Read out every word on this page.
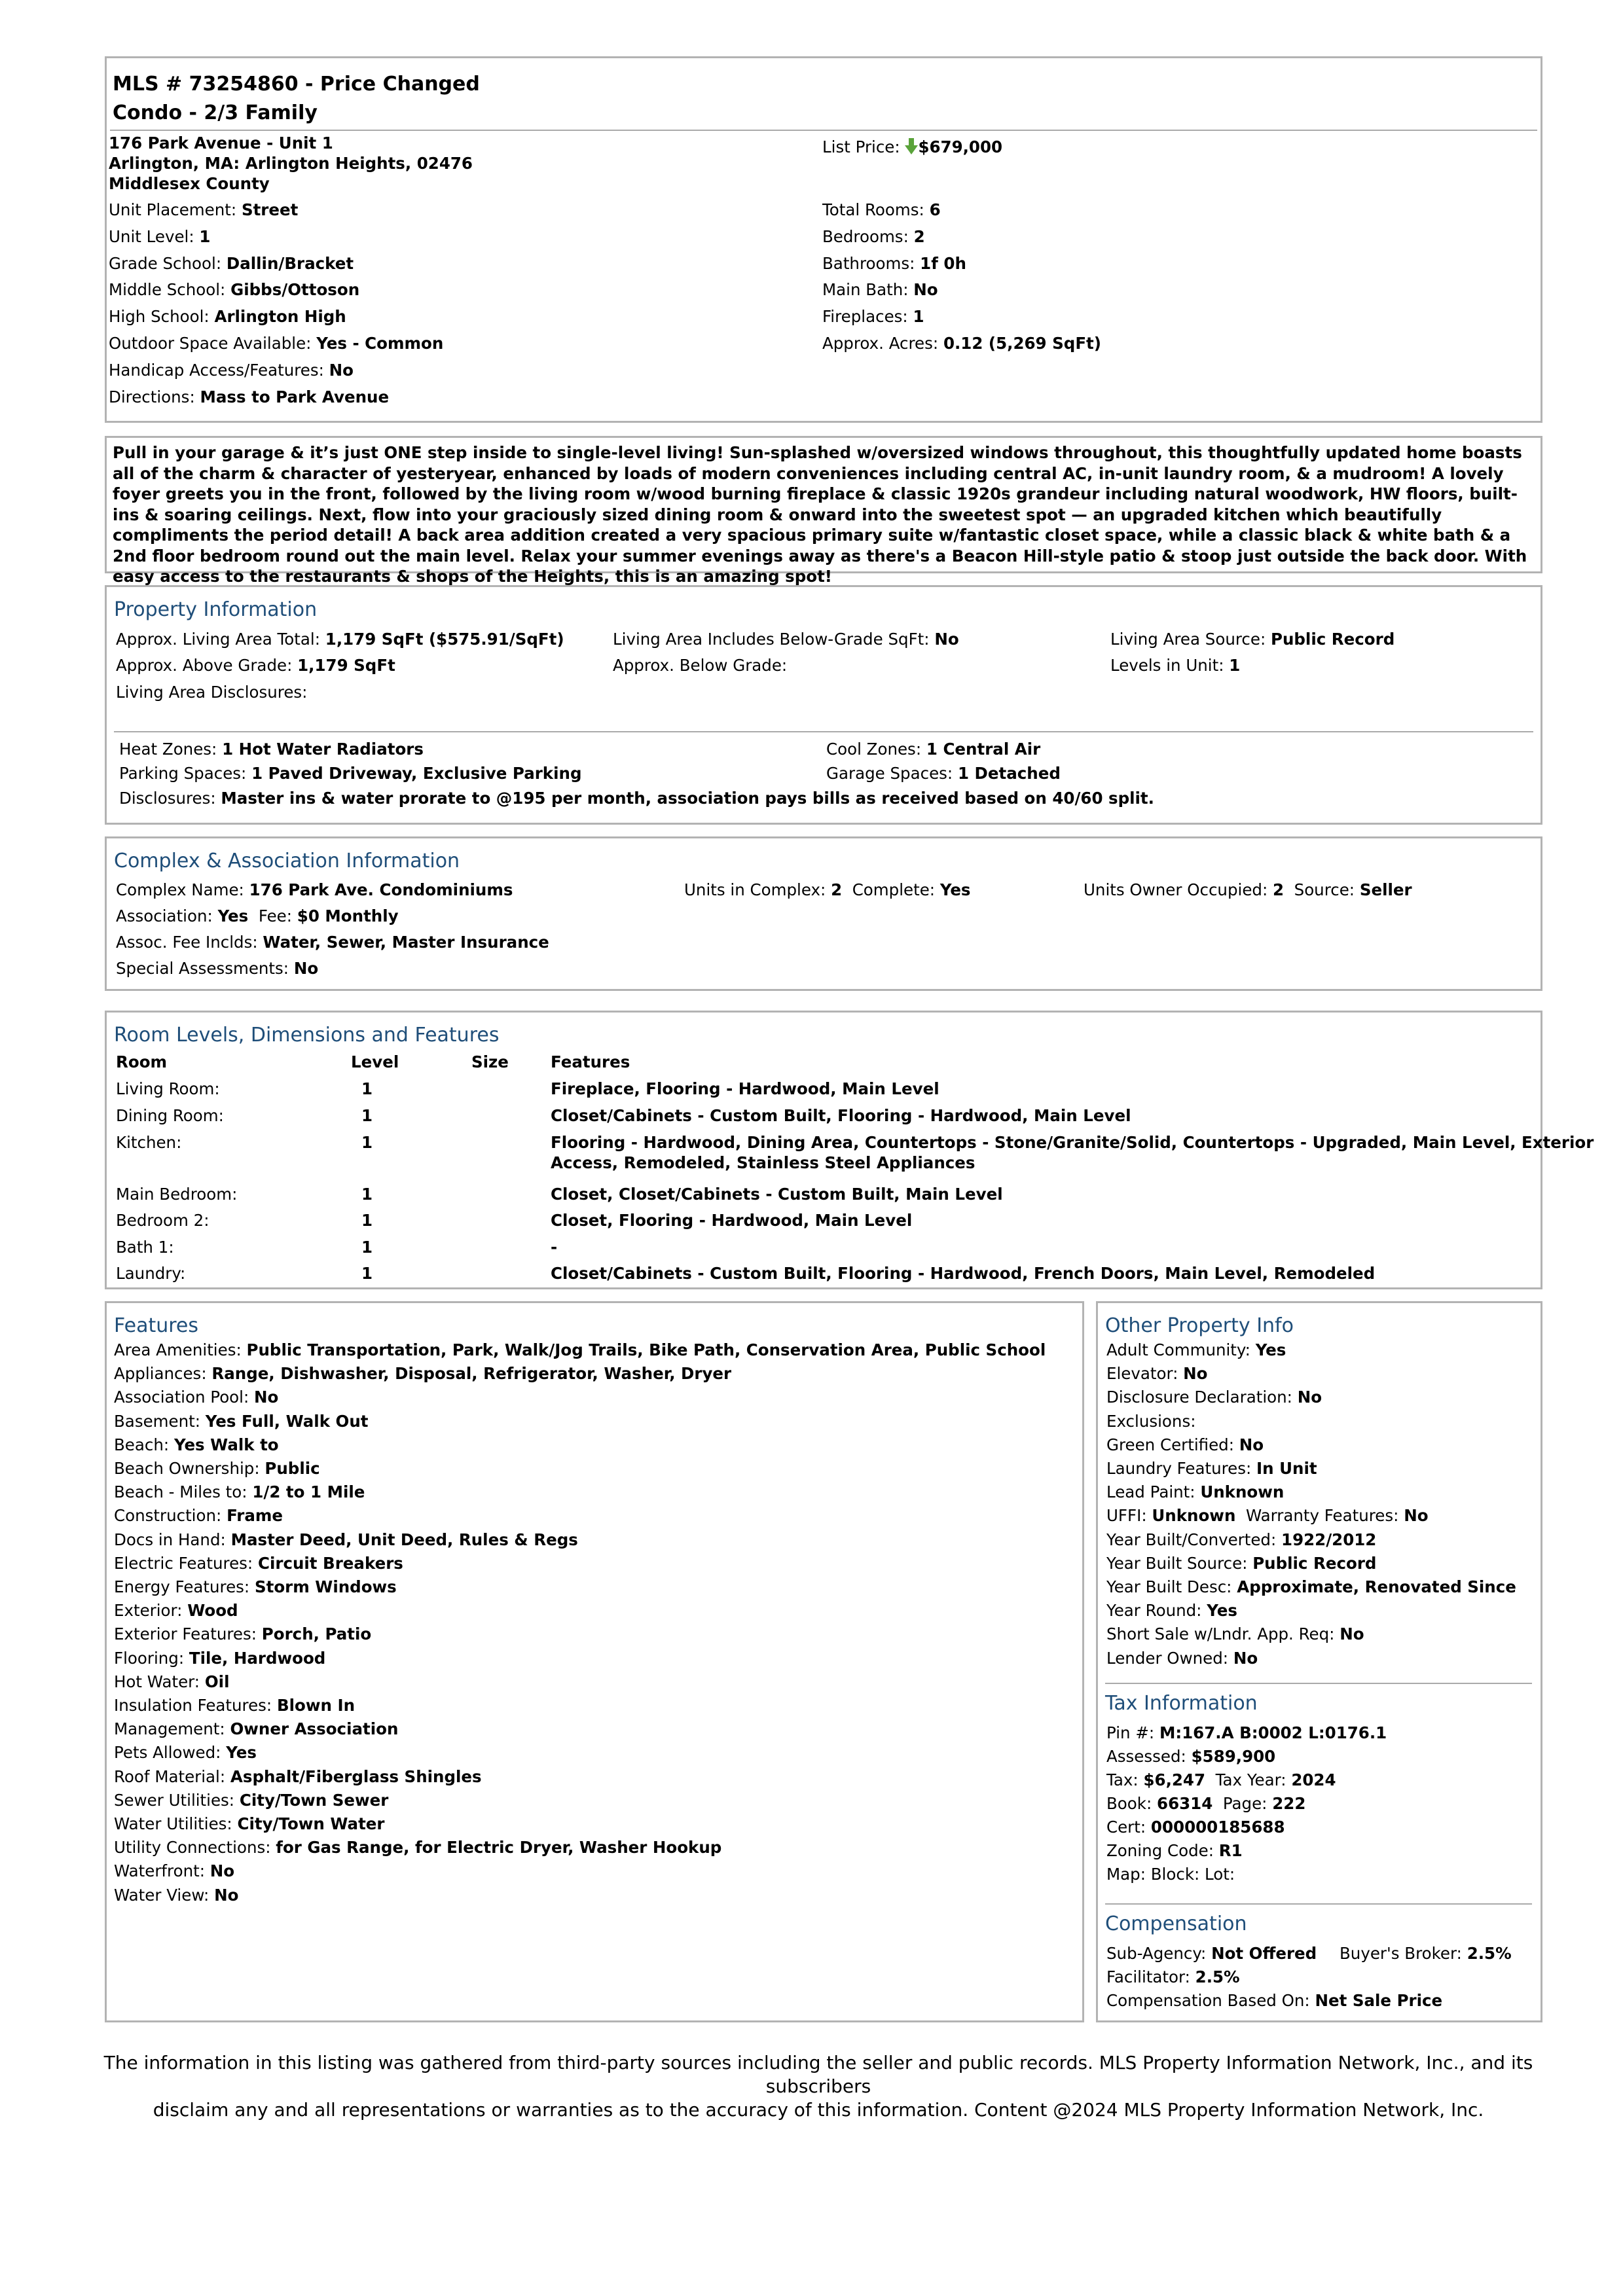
MLS # 73254860 - Price Changed
Condo - 2/3 Family
176 Park Avenue - Unit 1
Arlington, MA: Arlington Heights, 02476
Middlesex County
List Price: $679,000
Unit Placement: Street
Unit Level: 1
Grade School: Dallin/Bracket
Middle School: Gibbs/Ottoson
High School: Arlington High
Outdoor Space Available: Yes - Common
Handicap Access/Features: No
Directions: Mass to Park Avenue
Total Rooms: 6
Bedrooms: 2
Bathrooms: 1f 0h
Main Bath: No
Fireplaces: 1
Approx. Acres: 0.12 (5,269 SqFt)
Pull in your garage & it’s just ONE step inside to single-level living! Sun-splashed w/oversized windows throughout, this thoughtfully updated home boasts all of the charm & character of yesteryear, enhanced by loads of modern conveniences including central AC, in-unit laundry room, & a mudroom! A lovely foyer greets you in the front, followed by the living room w/wood burning fireplace & classic 1920s grandeur including natural woodwork, HW floors, built-ins & soaring ceilings. Next, flow into your graciously sized dining room & onward into the sweetest spot — an upgraded kitchen which beautifully compliments the period detail! A back area addition created a very spacious primary suite w/fantastic closet space, while a classic black & white bath & a 2nd floor bedroom round out the main level. Relax your summer evenings away as there's a Beacon Hill-style patio & stoop just outside the back door. With easy access to the restaurants & shops of the Heights, this is an amazing spot!
Property Information
Approx. Living Area Total: 1,179 SqFt ($575.91/SqFt)	Living Area Includes Below-Grade SqFt: No	Living Area Source: Public Record
Approx. Above Grade: 1,179 SqFt	Approx. Below Grade:	Levels in Unit: 1
Living Area Disclosures:
Heat Zones: 1 Hot Water Radiators	Cool Zones: 1 Central Air
Parking Spaces: 1 Paved Driveway, Exclusive Parking	Garage Spaces: 1 Detached
Disclosures: Master ins & water prorate to @195 per month, association pays bills as received based on 40/60 split.
Complex & Association Information
Complex Name: 176 Park Ave. Condominiums	Units in Complex: 2 Complete: Yes	Units Owner Occupied: 2 Source: Seller
Association: Yes Fee: $0 Monthly
Assoc. Fee Inclds: Water, Sewer, Master Insurance
Special Assessments: No
Room Levels, Dimensions and Features
Room	Level	Size	Features
Living Room:	1	Fireplace, Flooring - Hardwood, Main Level
Dining Room:	1	Closet/Cabinets - Custom Built, Flooring - Hardwood, Main Level
Kitchen:	1	Flooring - Hardwood, Dining Area, Countertops - Stone/Granite/Solid, Countertops - Upgraded, Main Level, Exterior
Access, Remodeled, Stainless Steel Appliances
Main Bedroom:	1	Closet, Closet/Cabinets - Custom Built, Main Level
Bedroom 2:	1	Closet, Flooring - Hardwood, Main Level
Bath 1:	1	-
Laundry:	1	Closet/Cabinets - Custom Built, Flooring - Hardwood, French Doors, Main Level, Remodeled
Features
Area Amenities: Public Transportation, Park, Walk/Jog Trails, Bike Path, Conservation Area, Public School
Appliances: Range, Dishwasher, Disposal, Refrigerator, Washer, Dryer
Association Pool: No
Basement: Yes Full, Walk Out
Beach: Yes Walk to
Beach Ownership: Public
Beach - Miles to: 1/2 to 1 Mile
Construction: Frame
Docs in Hand: Master Deed, Unit Deed, Rules & Regs
Electric Features: Circuit Breakers
Energy Features: Storm Windows
Exterior: Wood
Exterior Features: Porch, Patio
Flooring: Tile, Hardwood
Hot Water: Oil
Insulation Features: Blown In
Management: Owner Association
Pets Allowed: Yes
Roof Material: Asphalt/Fiberglass Shingles
Sewer Utilities: City/Town Sewer
Water Utilities: City/Town Water
Utility Connections: for Gas Range, for Electric Dryer, Washer Hookup
Waterfront: No
Water View: No
Other Property Info
Adult Community: Yes
Elevator: No
Disclosure Declaration: No
Exclusions:
Green Certified: No
Laundry Features: In Unit
Lead Paint: Unknown
UFFI: Unknown Warranty Features: No
Year Built/Converted: 1922/2012
Year Built Source: Public Record
Year Built Desc: Approximate, Renovated Since
Year Round: Yes
Short Sale w/Lndr. App. Req: No
Lender Owned: No
Tax Information
Pin #: M:167.A B:0002 L:0176.1
Assessed: $589,900
Tax: $6,247 Tax Year: 2024
Book: 66314 Page: 222
Cert: 000000185688
Zoning Code: R1
Map: Block: Lot:
Compensation
Sub-Agency: Not Offered Buyer's Broker: 2.5%
Facilitator: 2.5%
Compensation Based On: Net Sale Price
The information in this listing was gathered from third-party sources including the seller and public records. MLS Property Information Network, Inc., and its subscribers
disclaim any and all representations or warranties as to the accuracy of this information. Content @2024 MLS Property Information Network, Inc.
